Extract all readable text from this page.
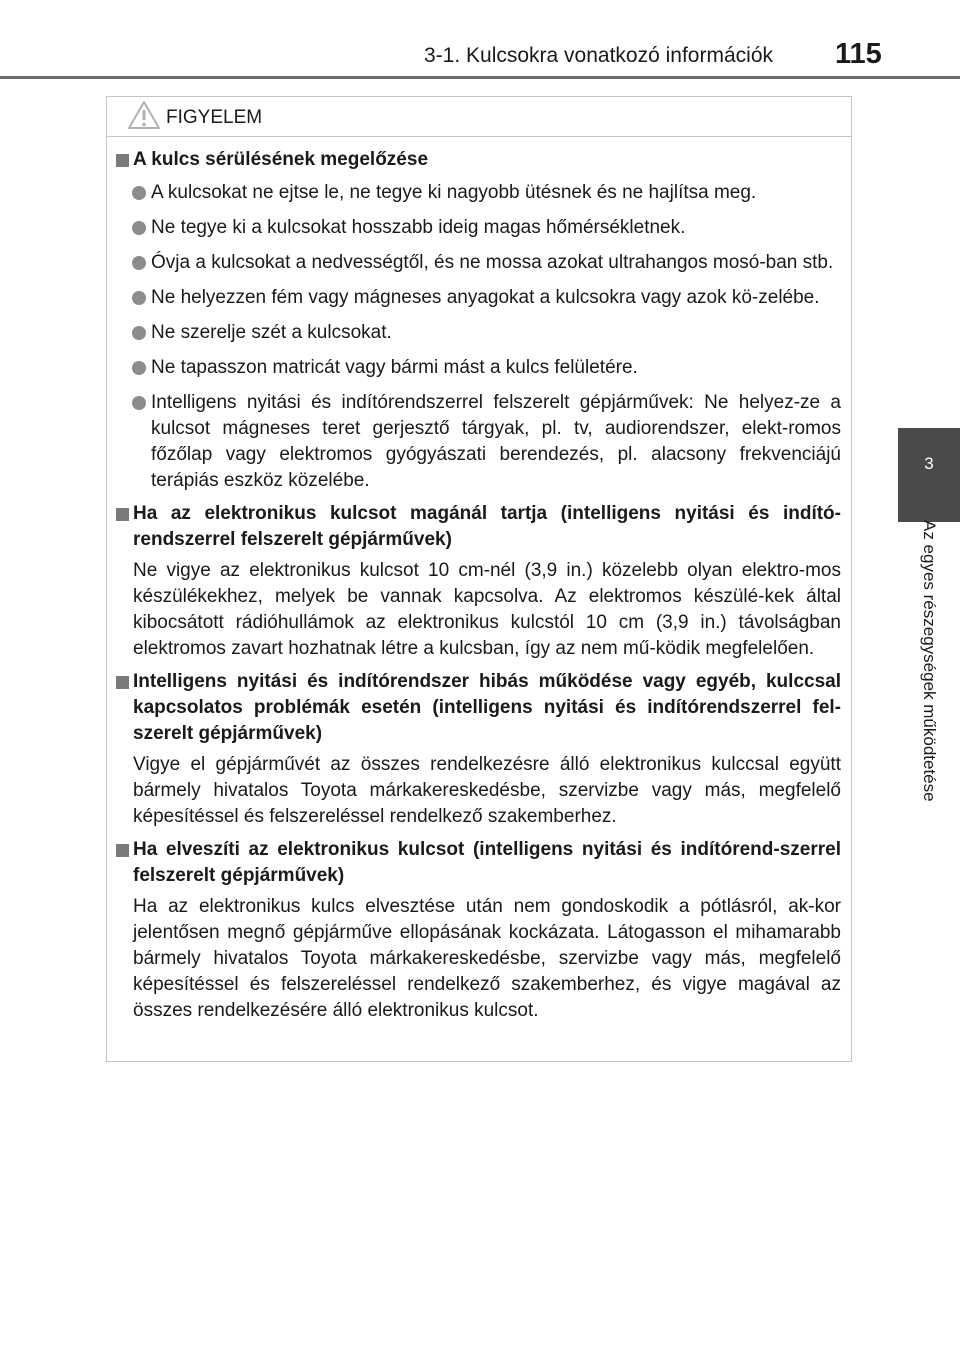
3-1. Kulcsokra vonatkozó információk 115
3
Az egyes részegységek működtetése
FIGYELEM
A kulcs sérülésének megelőzése
A kulcsokat ne ejtse le, ne tegye ki nagyobb ütésnek és ne hajlítsa meg.
Ne tegye ki a kulcsokat hosszabb ideig magas hőmérsékletnek.
Óvja a kulcsokat a nedvességtől, és ne mossa azokat ultrahangos mosó-ban stb.
Ne helyezzen fém vagy mágneses anyagokat a kulcsokra vagy azok kö-zelébe.
Ne szerelje szét a kulcsokat.
Ne tapasszon matricát vagy bármi mást a kulcs felületére.
Intelligens nyitási és indítórendszerrel felszerelt gépjárművek: Ne helyez-ze a kulcsot mágneses teret gerjesztő tárgyak, pl. tv, audiorendszer, elekt-romos főzőlap vagy elektromos gyógyászati berendezés, pl. alacsony frekvenciájú terápiás eszköz közelébe.
Ha az elektronikus kulcsot magánál tartja (intelligens nyitási és indító-rendszerrel felszerelt gépjárművek)
Ne vigye az elektronikus kulcsot 10 cm-nél (3,9 in.) közelebb olyan elektro-mos készülékekhez, melyek be vannak kapcsolva. Az elektromos készülé-kek által kibocsátott rádióhullámok az elektronikus kulcstól 10 cm (3,9 in.) távolságban elektromos zavart hozhatnak létre a kulcsban, így az nem mű-ködik megfelelően.
Intelligens nyitási és indítórendszer hibás működése vagy egyéb, kulccsal kapcsolatos problémák esetén (intelligens nyitási és indítórendszerrel fel-szerelt gépjárművek)
Vigye el gépjárművét az összes rendelkezésre álló elektronikus kulccsal együtt bármely hivatalos Toyota márkakereskedésbe, szervizbe vagy más, megfelelő képesítéssel és felszereléssel rendelkező szakemberhez.
Ha elveszíti az elektronikus kulcsot (intelligens nyitási és indítórend-szerrel felszerelt gépjárművek)
Ha az elektronikus kulcs elvesztése után nem gondoskodik a pótlásról, ak-kor jelentősen megnő gépjárműve ellopásának kockázata. Látogasson el mihamarabb bármely hivatalos Toyota márkakereskedésbe, szervizbe vagy más, megfelelő képesítéssel és felszereléssel rendelkező szakemberhez, és vigye magával az összes rendelkezésére álló elektronikus kulcsot.
